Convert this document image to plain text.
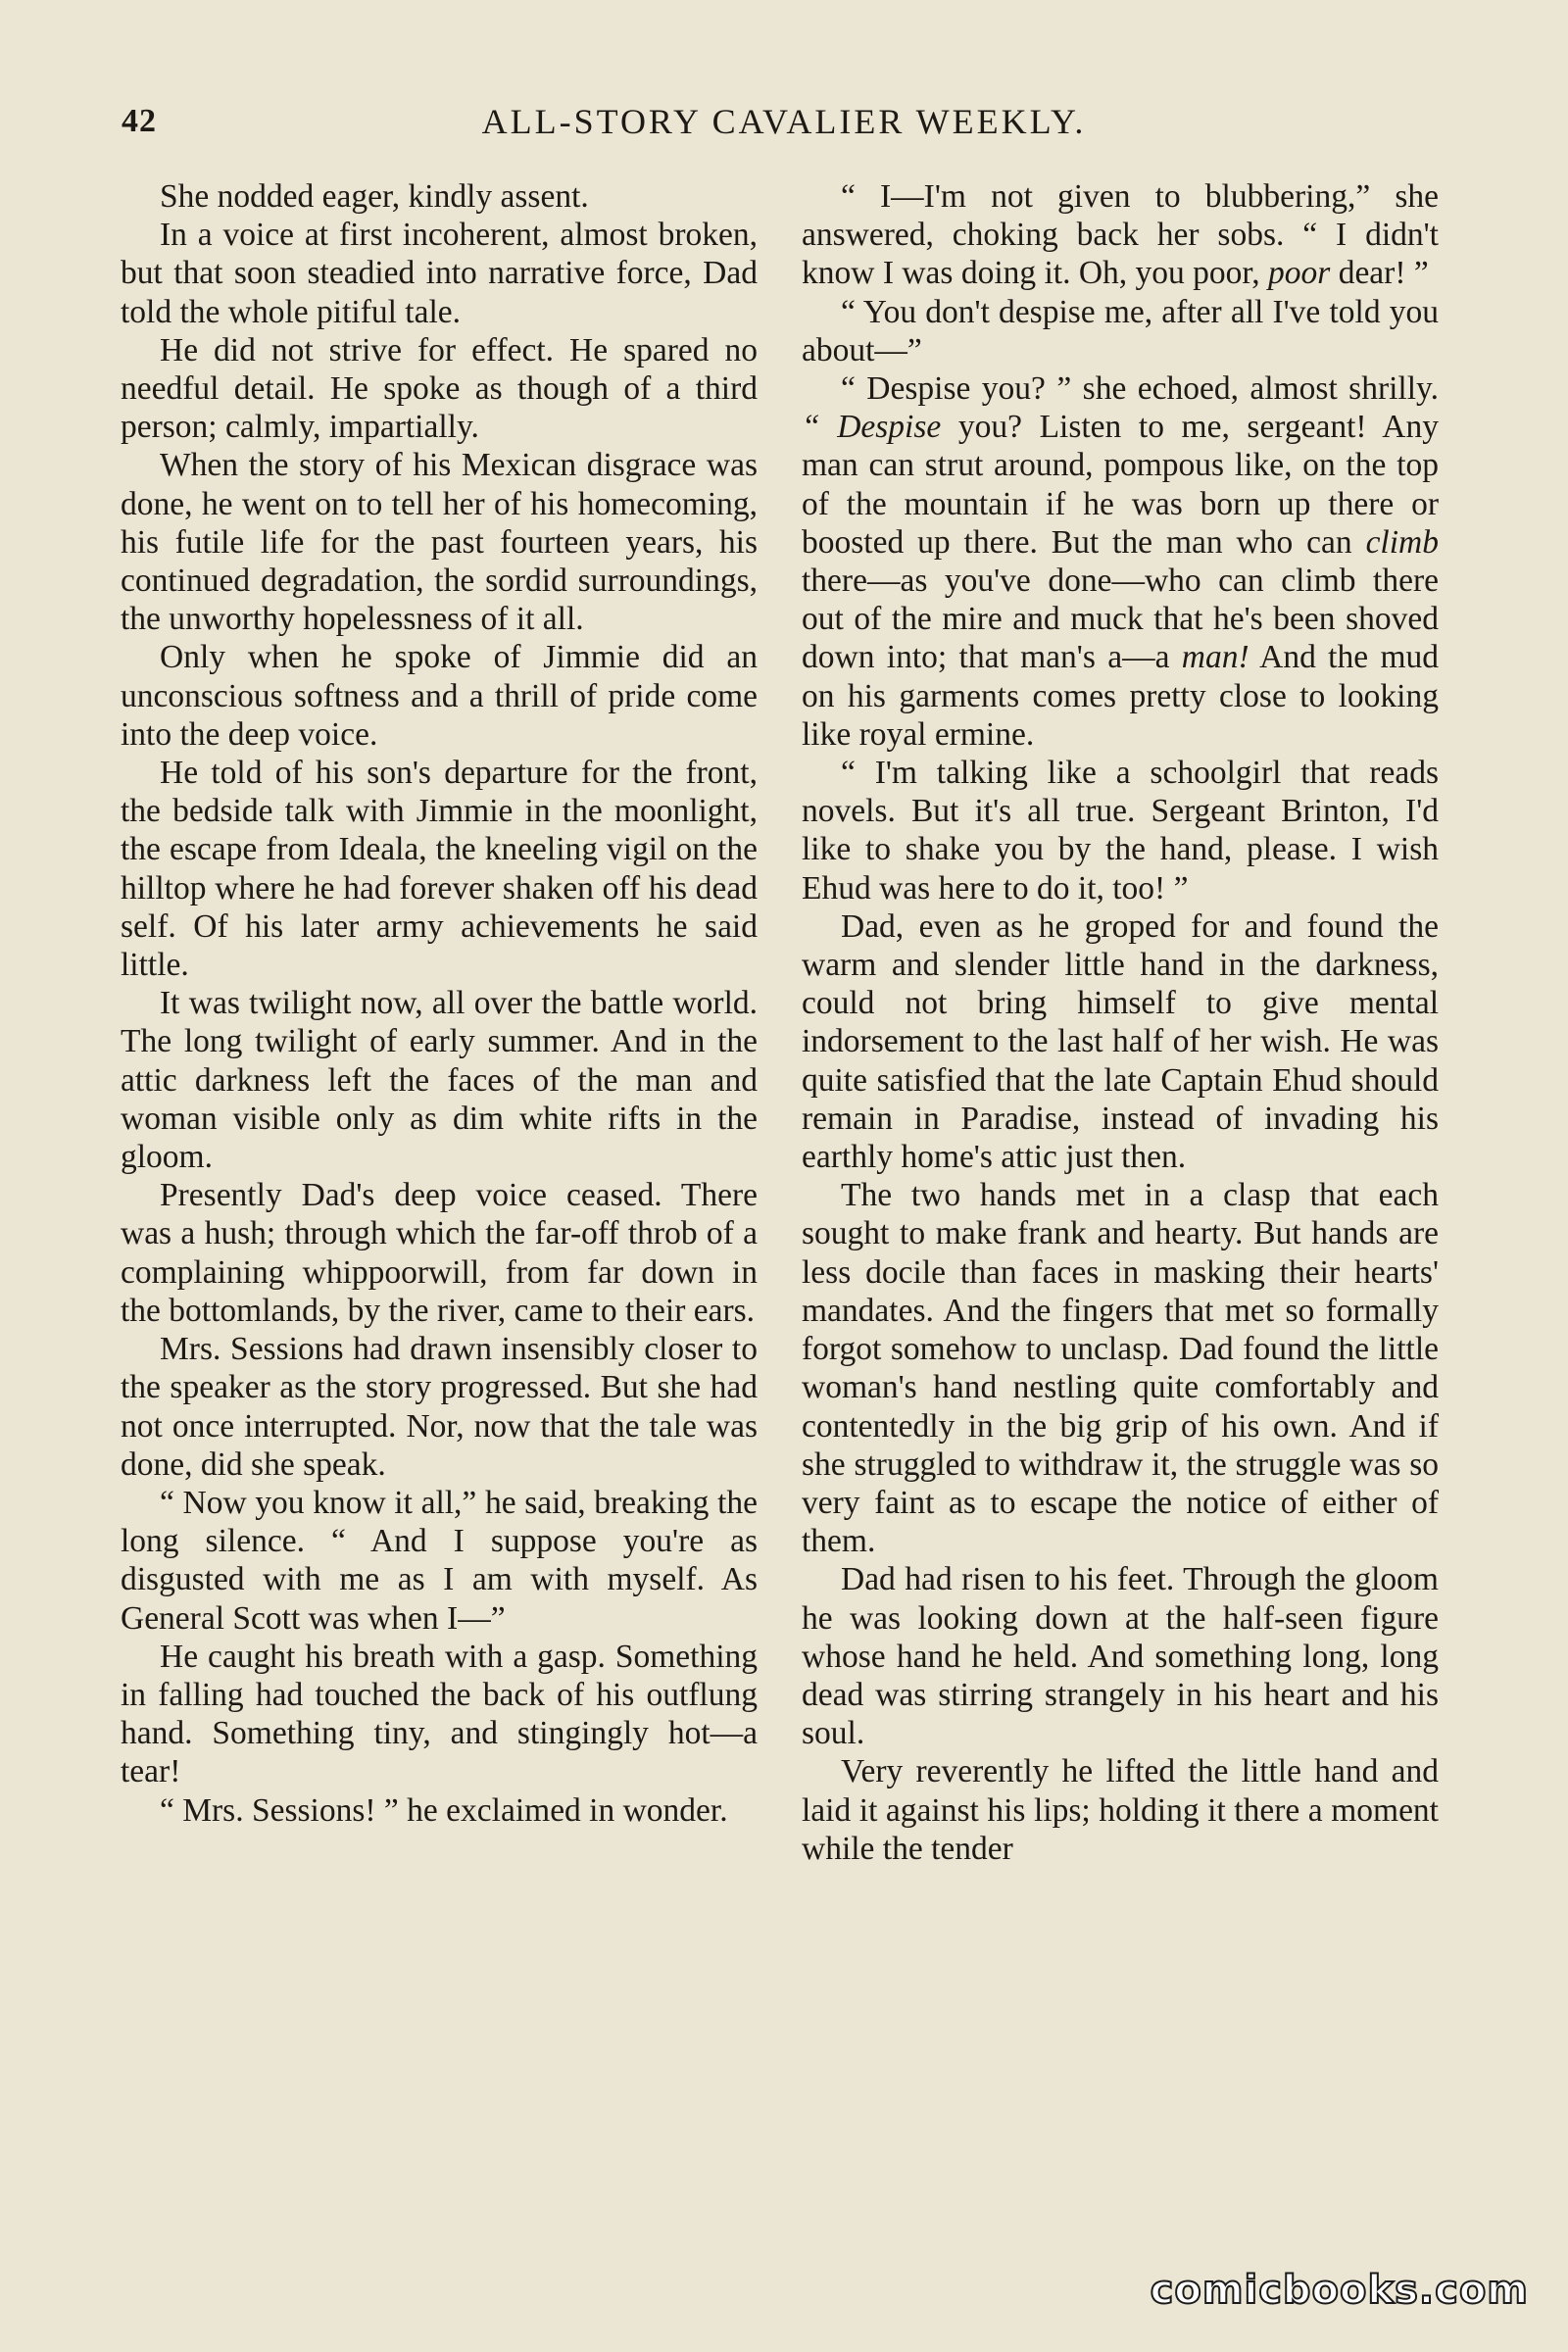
42	ALL-STORY CAVALIER WEEKLY.

She nodded eager, kindly assent.

In a voice at first incoherent, almost broken, but that soon steadied into narrative force, Dad told the whole pitiful tale.

He did not strive for effect. He spared no needful detail. He spoke as though of a third person; calmly, impartially.

When the story of his Mexican disgrace was done, he went on to tell her of his homecoming, his futile life for the past fourteen years, his continued degradation, the sordid surroundings, the unworthy hopelessness of it all.

Only when he spoke of Jimmie did an unconscious softness and a thrill of pride come into the deep voice.

He told of his son's departure for the front, the bedside talk with Jimmie in the moonlight, the escape from Ideala, the kneeling vigil on the hilltop where he had forever shaken off his dead self. Of his later army achievements he said little.

It was twilight now, all over the battle world. The long twilight of early summer. And in the attic darkness left the faces of the man and woman visible only as dim white rifts in the gloom.

Presently Dad's deep voice ceased. There was a hush; through which the far-off throb of a complaining whippoorwill, from far down in the bottomlands, by the river, came to their ears.

Mrs. Sessions had drawn insensibly closer to the speaker as the story progressed. But she had not once interrupted. Nor, now that the tale was done, did she speak.

“ Now you know it all,” he said, breaking the long silence. “ And I suppose you're as disgusted with me as I am with myself. As General Scott was when I—”

He caught his breath with a gasp. Something in falling had touched the back of his outflung hand. Something tiny, and stingingly hot—a tear!

“ Mrs. Sessions! ” he exclaimed in wonder.

“ I—I'm not given to blubbering,” she answered, choking back her sobs. “ I didn't know I was doing it. Oh, you poor, poor dear! ”

“ You don't despise me, after all I've told you about—”

“ Despise you? ” she echoed, almost shrilly. “ Despise you? Listen to me, sergeant! Any man can strut around, pompous like, on the top of the mountain if he was born up there or boosted up there. But the man who can climb there—as you've done—who can climb there out of the mire and muck that he's been shoved down into; that man's a—a man! And the mud on his garments comes pretty close to looking like royal ermine.

“ I'm talking like a schoolgirl that reads novels. But it's all true. Sergeant Brinton, I'd like to shake you by the hand, please. I wish Ehud was here to do it, too! ”

Dad, even as he groped for and found the warm and slender little hand in the darkness, could not bring himself to give mental indorsement to the last half of her wish. He was quite satisfied that the late Captain Ehud should remain in Paradise, instead of invading his earthly home's attic just then.

The two hands met in a clasp that each sought to make frank and hearty. But hands are less docile than faces in masking their hearts' mandates. And the fingers that met so formally forgot somehow to unclasp. Dad found the little woman's hand nestling quite comfortably and contentedly in the big grip of his own. And if she struggled to withdraw it, the struggle was so very faint as to escape the notice of either of them.

Dad had risen to his feet. Through the gloom he was looking down at the half-seen figure whose hand he held. And something long, long dead was stirring strangely in his heart and his soul.

Very reverently he lifted the little hand and laid it against his lips; holding it there a moment while the tender

comicbooks.com
